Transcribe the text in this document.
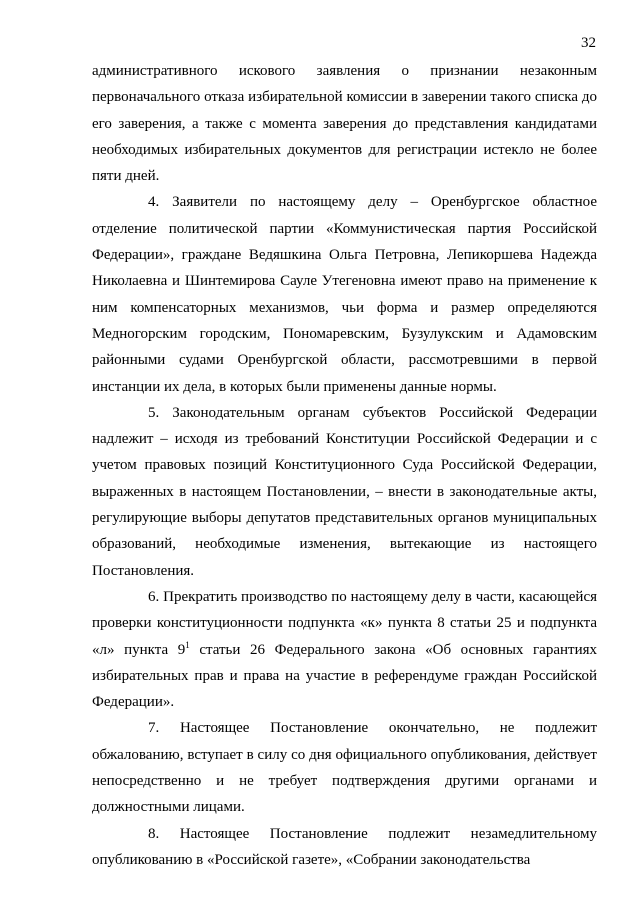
32

административного искового заявления о признании незаконным первоначального отказа избирательной комиссии в заверении такого списка до его заверения, а также с момента заверения до представления кандидатами необходимых избирательных документов для регистрации истекло не более пяти дней.

4. Заявители по настоящему делу – Оренбургское областное отделение политической партии «Коммунистическая партия Российской Федерации», граждане Ведяшкина Ольга Петровна, Лепикоршева Надежда Николаевна и Шинтемирова Сауле Утегеновна имеют право на применение к ним компенсаторных механизмов, чьи форма и размер определяются Медногорским городским, Пономаревским, Бузулукским и Адамовским районными судами Оренбургской области, рассмотревшими в первой инстанции их дела, в которых были применены данные нормы.

5. Законодательным органам субъектов Российской Федерации надлежит – исходя из требований Конституции Российской Федерации и с учетом правовых позиций Конституционного Суда Российской Федерации, выраженных в настоящем Постановлении, – внести в законодательные акты, регулирующие выборы депутатов представительных органов муниципальных образований, необходимые изменения, вытекающие из настоящего Постановления.

6. Прекратить производство по настоящему делу в части, касающейся проверки конституционности подпункта «к» пункта 8 статьи 25 и подпункта «л» пункта $9^1$ статьи 26 Федерального закона «Об основных гарантиях избирательных прав и права на участие в референдуме граждан Российской Федерации».

7. Настоящее Постановление окончательно, не подлежит обжалованию, вступает в силу со дня официального опубликования, действует непосредственно и не требует подтверждения другими органами и должностными лицами.

8. Настоящее Постановление подлежит незамедлительному опубликованию в «Российской газете», «Собрании законодательства
